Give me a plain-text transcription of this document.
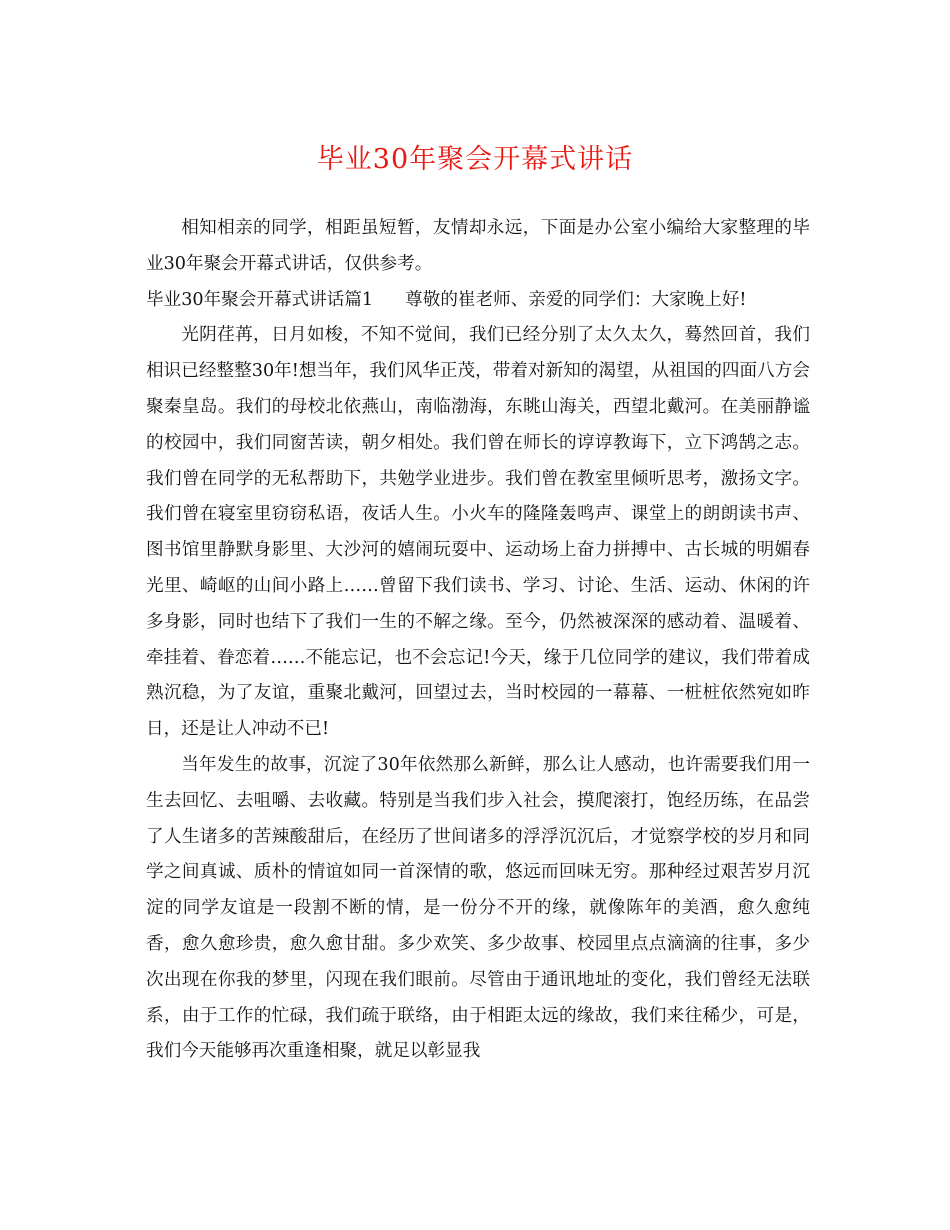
毕业30年聚会开幕式讲话

相知相亲的同学，相距虽短暂，友情却永远，下面是办公室小编给大家整理的毕业30年聚会开幕式讲话，仅供参考。

毕业30年聚会开幕式讲话篇1 尊敬的崔老师、亲爱的同学们：大家晚上好!

光阴荏苒，日月如梭，不知不觉间，我们已经分别了太久太久，蓦然回首，我们相识已经整整30年!想当年，我们风华正茂，带着对新知的渴望，从祖国的四面八方会聚秦皇岛。我们的母校北依燕山，南临渤海，东眺山海关，西望北戴河。在美丽静谧的校园中，我们同窗苦读，朝夕相处。我们曾在师长的谆谆教诲下，立下鸿鹄之志。我们曾在同学的无私帮助下，共勉学业进步。我们曾在教室里倾听思考，激扬文字。我们曾在寝室里窃窃私语，夜话人生。小火车的隆隆轰鸣声、课堂上的朗朗读书声、图书馆里静默身影里、大沙河的嬉闹玩耍中、运动场上奋力拼搏中、古长城的明媚春光里、崎岖的山间小路上……曾留下我们读书、学习、讨论、生活、运动、休闲的许多身影，同时也结下了我们一生的不解之缘。至今，仍然被深深的感动着、温暖着、牵挂着、眷恋着……不能忘记，也不会忘记!今天，缘于几位同学的建议，我们带着成熟沉稳，为了友谊，重聚北戴河，回望过去，当时校园的一幕幕、一桩桩依然宛如昨日，还是让人冲动不已!

当年发生的故事，沉淀了30年依然那么新鲜，那么让人感动，也许需要我们用一生去回忆、去咀嚼、去收藏。特别是当我们步入社会，摸爬滚打，饱经历练，在品尝了人生诸多的苦辣酸甜后，在经历了世间诸多的浮浮沉沉后，才觉察学校的岁月和同学之间真诚、质朴的情谊如同一首深情的歌，悠远而回味无穷。那种经过艰苦岁月沉淀的同学友谊是一段割不断的情，是一份分不开的缘，就像陈年的美酒，愈久愈纯香，愈久愈珍贵，愈久愈甘甜。多少欢笑、多少故事、校园里点点滴滴的往事，多少次出现在你我的梦里，闪现在我们眼前。尽管由于通讯地址的变化，我们曾经无法联系，由于工作的忙碌，我们疏于联络，由于相距太远的缘故，我们来往稀少，可是，我们今天能够再次重逢相聚，就足以彰显我
